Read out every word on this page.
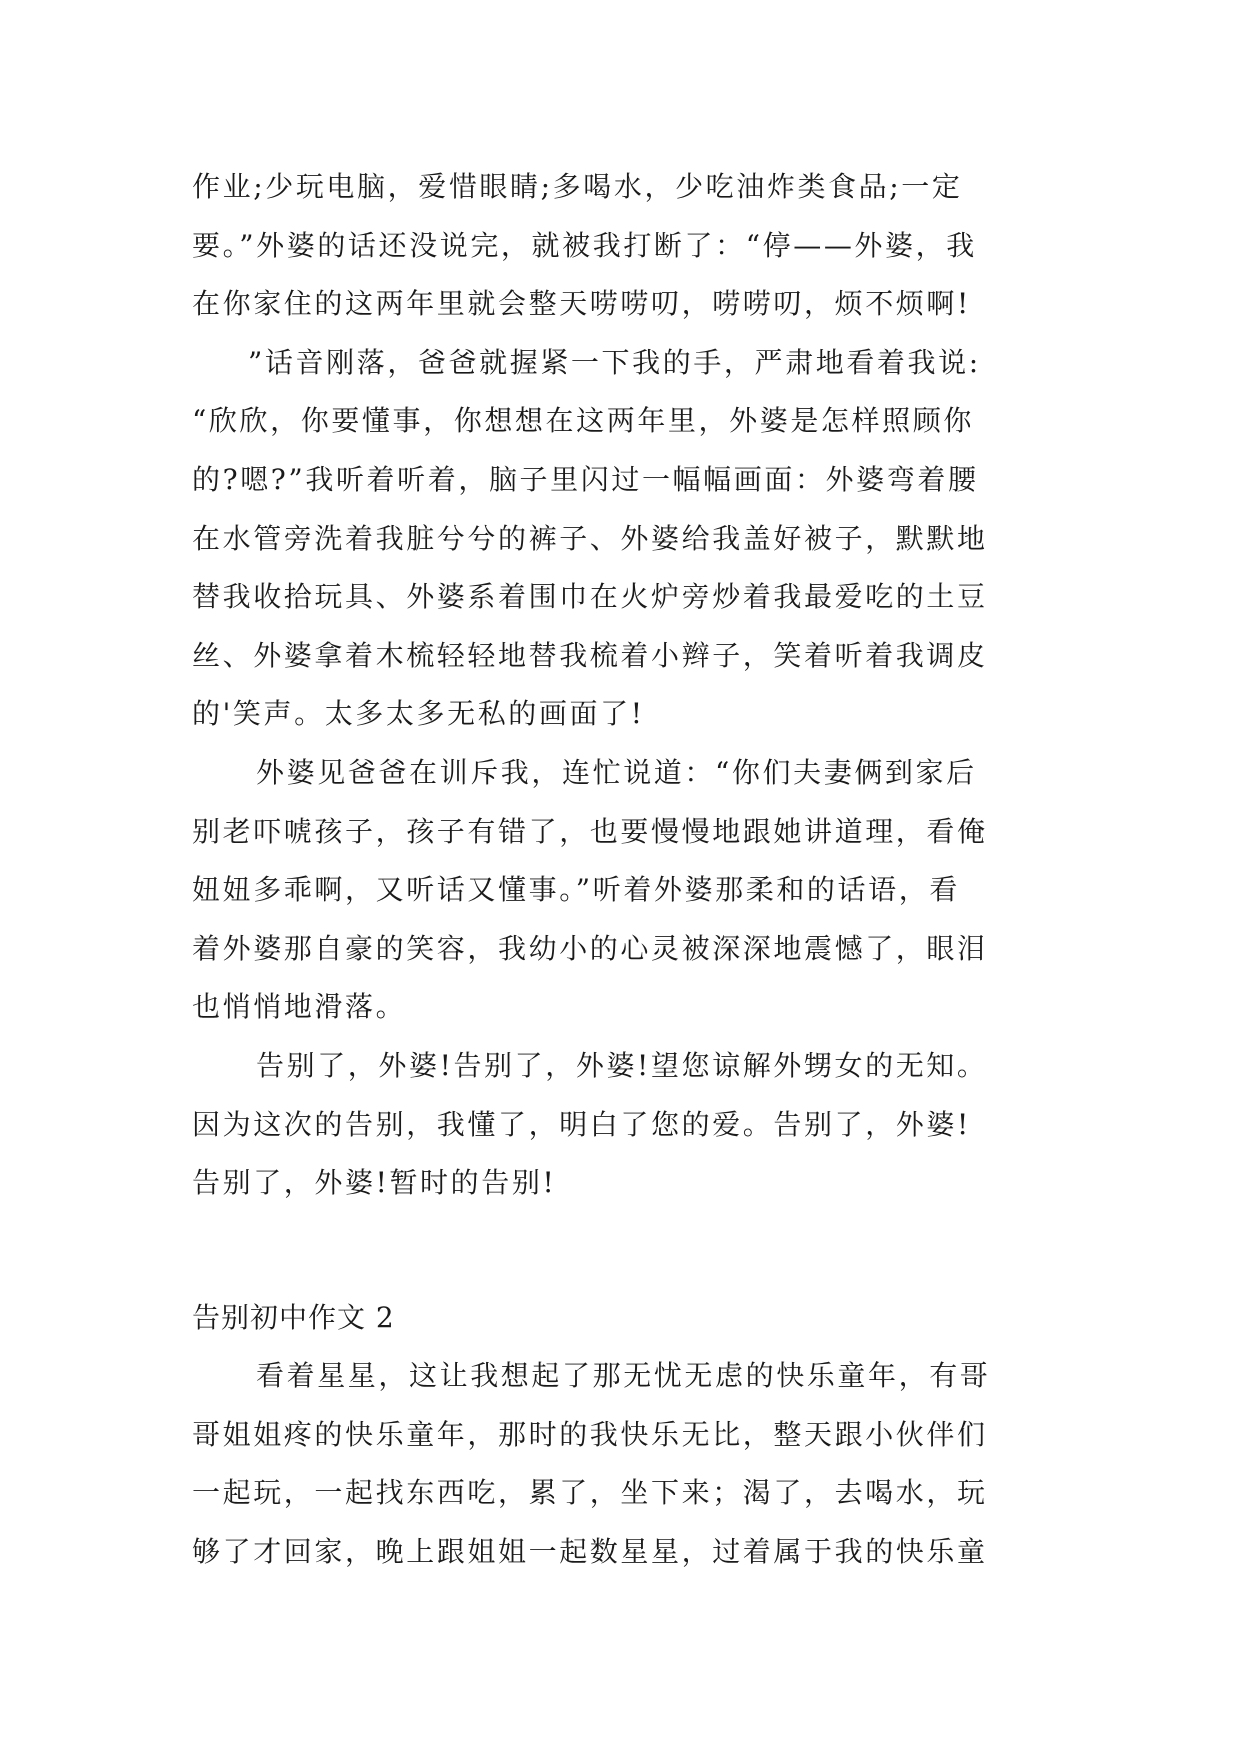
作业;少玩电脑，爱惜眼睛;多喝水，少吃油炸类食品;一定
要。”外婆的话还没说完，就被我打断了：“停——外婆，我
在你家住的这两年里就会整天唠唠叨，唠唠叨，烦不烦啊!
”话音刚落，爸爸就握紧一下我的手，严肃地看着我说:
“欣欣，你要懂事，你想想在这两年里，外婆是怎样照顾你
的?嗯?”我听着听着，脑子里闪过一幅幅画面：外婆弯着腰
在水管旁洗着我脏兮兮的裤子、外婆给我盖好被子，默默地
替我收拾玩具、外婆系着围巾在火炉旁炒着我最爱吃的土豆
丝、外婆拿着木梳轻轻地替我梳着小辫子，笑着听着我调皮
的'笑声。太多太多无私的画面了!
外婆见爸爸在训斥我，连忙说道：“你们夫妻俩到家后
别老吓唬孩子，孩子有错了，也要慢慢地跟她讲道理，看俺
妞妞多乖啊，又听话又懂事。”听着外婆那柔和的话语，看
着外婆那自豪的笑容，我幼小的心灵被深深地震憾了，眼泪
也悄悄地滑落。
告别了，外婆!告别了，外婆!望您谅解外甥女的无知。
因为这次的告别，我懂了，明白了您的爱。告别了，外婆!
告别了，外婆!暂时的告别!
告别初中作文 2
看着星星，这让我想起了那无忧无虑的快乐童年，有哥
哥姐姐疼的快乐童年，那时的我快乐无比，整天跟小伙伴们
一起玩，一起找东西吃，累了，坐下来；渴了，去喝水，玩
够了才回家，晚上跟姐姐一起数星星，过着属于我的快乐童
